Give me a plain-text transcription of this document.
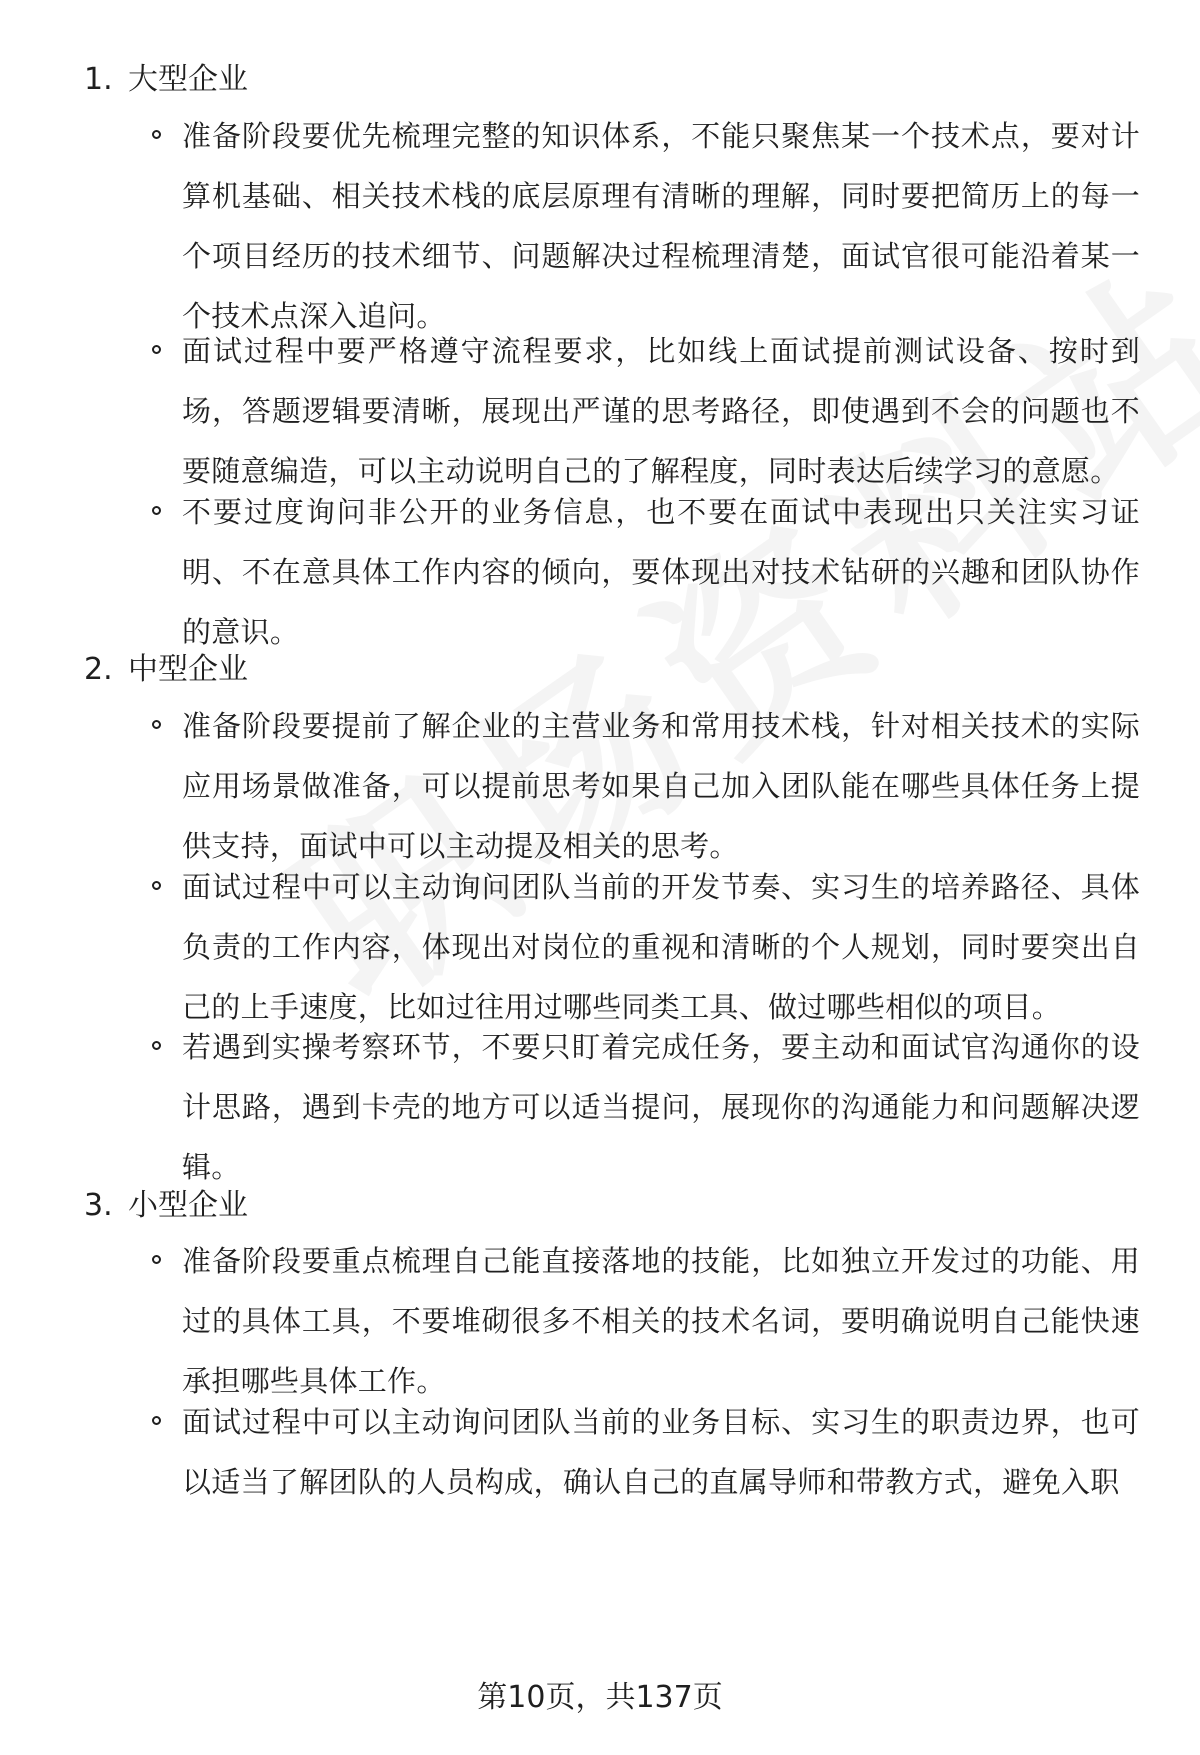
1. 大型企业
准备阶段要优先梳理完整的知识体系，不能只聚焦某一个技术点，要对计算机基础、相关技术栈的底层原理有清晰的理解，同时要把简历上的每一个项目经历的技术细节、问题解决过程梳理清楚，面试官很可能沿着某一个技术点深入追问。
面试过程中要严格遵守流程要求，比如线上面试提前测试设备、按时到场，答题逻辑要清晰，展现出严谨的思考路径，即使遇到不会的问题也不要随意编造，可以主动说明自己的了解程度，同时表达后续学习的意愿。
不要过度询问非公开的业务信息，也不要在面试中表现出只关注实习证明、不在意具体工作内容的倾向，要体现出对技术钻研的兴趣和团队协作的意识。
2. 中型企业
准备阶段要提前了解企业的主营业务和常用技术栈，针对相关技术的实际应用场景做准备，可以提前思考如果自己加入团队能在哪些具体任务上提供支持，面试中可以主动提及相关的思考。
面试过程中可以主动询问团队当前的开发节奏、实习生的培养路径、具体负责的工作内容，体现出对岗位的重视和清晰的个人规划，同时要突出自己的上手速度，比如过往用过哪些同类工具、做过哪些相似的项目。
若遇到实操考察环节，不要只盯着完成任务，要主动和面试官沟通你的设计思路，遇到卡壳的地方可以适当提问，展现你的沟通能力和问题解决逻辑。
3. 小型企业
准备阶段要重点梳理自己能直接落地的技能，比如独立开发过的功能、用过的具体工具，不要堆砌很多不相关的技术名词，要明确说明自己能快速承担哪些具体工作。
面试过程中可以主动询问团队当前的业务目标、实习生的职责边界，也可以适当了解团队的人员构成，确认自己的直属导师和带教方式，避免入职
第10页，共137页
